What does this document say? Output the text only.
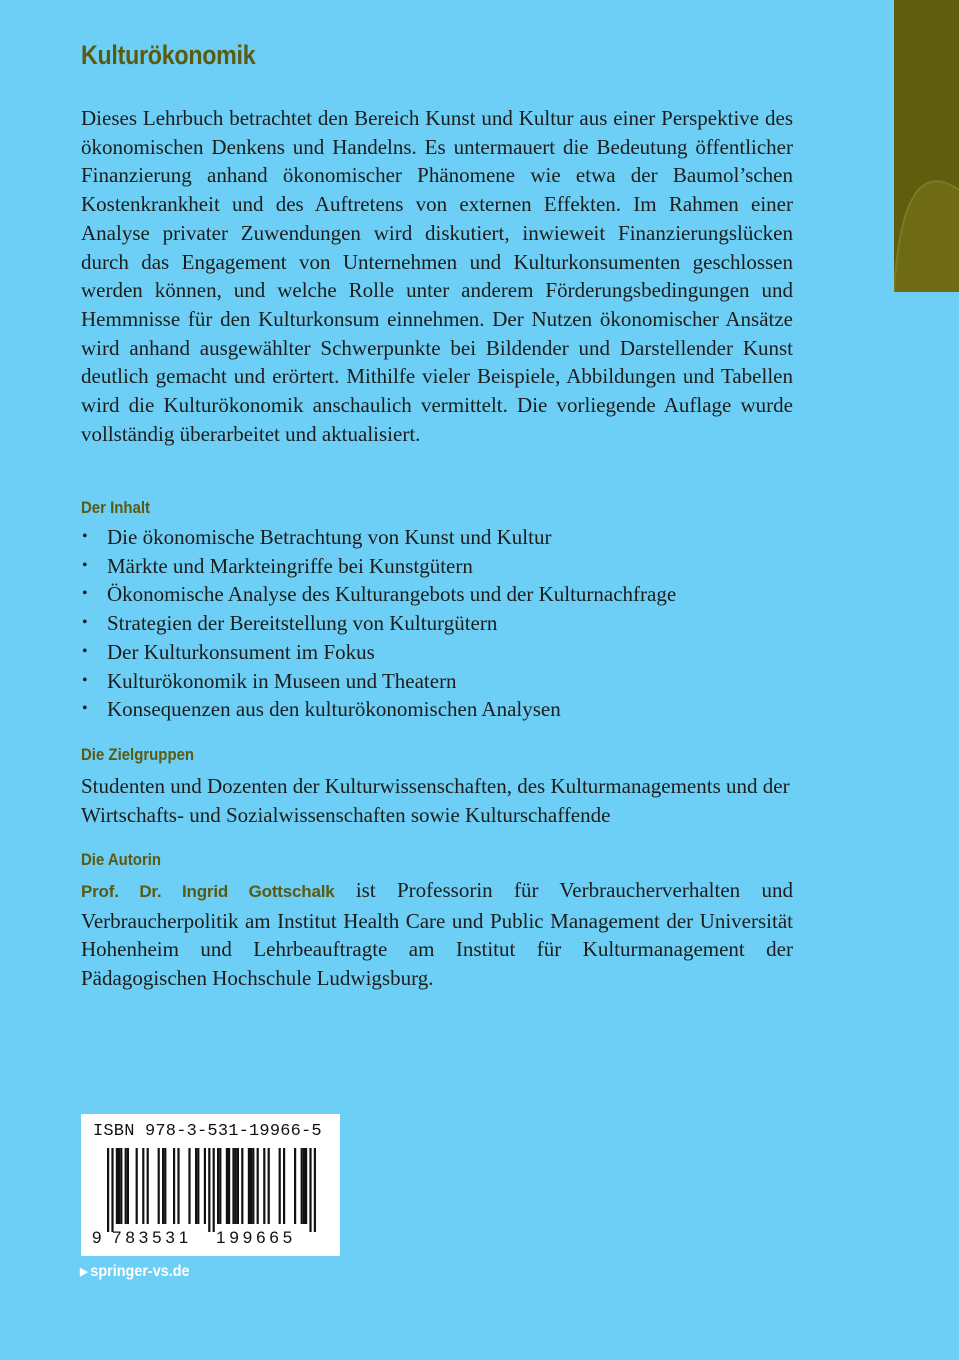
Kulturökonomik

Dieses Lehrbuch betrachtet den Bereich Kunst und Kultur aus einer Perspektive des ökonomischen Denkens und Handelns. Es untermauert die Bedeutung öffentlicher Finanzierung anhand ökonomischer Phänomene wie etwa der Baumol’schen Kostenkrankheit und des Auftretens von externen Effekten. Im Rahmen einer Analyse privater Zuwendungen wird diskutiert, inwieweit Finanzierungslücken durch das Engagement von Unternehmen und Kulturkonsumenten geschlossen werden können, und welche Rolle unter anderem Förderungsbedingungen und Hemmnisse für den Kulturkonsum einnehmen. Der Nutzen ökonomischer Ansätze wird anhand ausgewählter Schwerpunkte bei Bildender und Darstellender Kunst deutlich gemacht und erörtert. Mithilfe vieler Beispiele, Abbildungen und Tabellen wird die Kulturökonomik anschaulich vermittelt. Die vorliegende Auflage wurde vollständig überarbeitet und aktualisiert.

Der Inhalt
• Die ökonomische Betrachtung von Kunst und Kultur
• Märkte und Markteingriffe bei Kunstgütern
• Ökonomische Analyse des Kulturangebots und der Kulturnachfrage
• Strategien der Bereitstellung von Kulturgütern
• Der Kulturkonsument im Fokus
• Kulturökonomik in Museen und Theatern
• Konsequenzen aus den kulturökonomischen Analysen
Die Zielgruppen

Studenten und Dozenten der Kulturwissenschaften, des Kulturmanagements und der Wirtschafts- und Sozialwissenschaften sowie Kulturschaffende

Die Autorin

Prof. Dr. Ingrid Gottschalk ist Professorin für Verbraucherverhalten und Verbraucherpolitik am Institut Health Care und Public Management der Universität Hohenheim und Lehrbeauftragte am Institut für Kulturmanagement der Pädagogischen Hochschule Ludwigsburg.

ISBN 978-3-531-19966-5
9 783531 199665
▶ springer-vs.de
